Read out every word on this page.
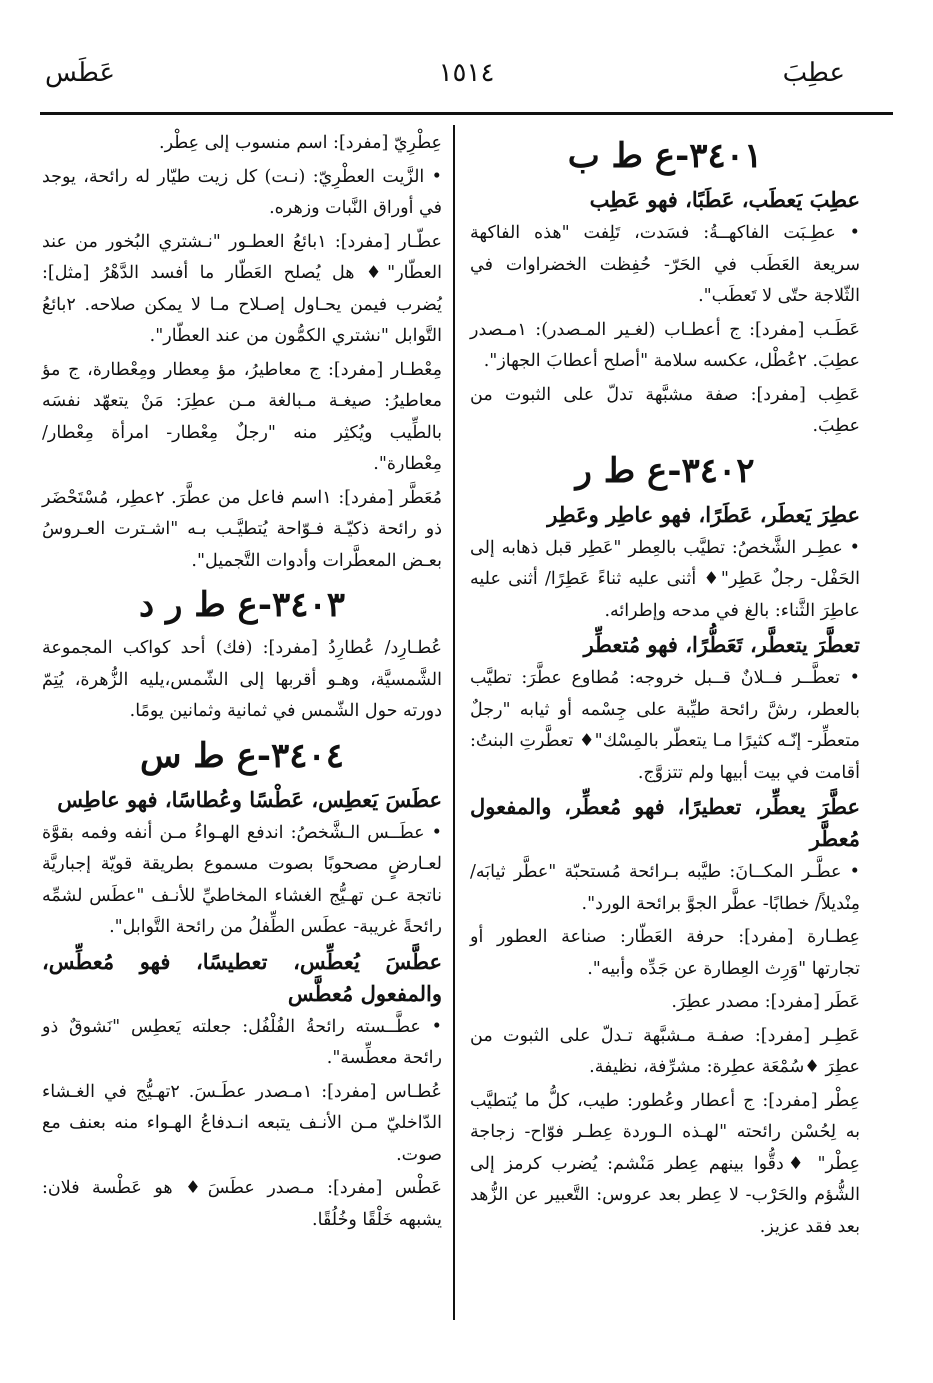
عطِبَ
١٥١٤
عَطَس
٣٤٠١-ع ط ب

عطِبَ يَعطَب، عَطَبًا، فهو عَطِب

• عطِـبَت الفاكهــةُ: فسَدت، تَلِفت "هذه الفاكهة سريعة العَطَب في الحَرّ- حُفِظت الخضراوات في الثّلاجة حتّى لا تَعطَب".

عَطَـب [مفرد]: ج أعطـاب (لغـير المـصدر): ١مـصدر عطِبَ. ٢عُطْل، عكسه سلامة "أصلح أعطابَ الجهاز".

عَطِب [مفرد]: صفة مشبَّهة تدلّ على الثبوت من عطِبَ.

٣٤٠٢-ع ط ر

عطِرَ يَعطَر، عَطَرًا، فهو عاطِر وعَطِر

• عطِـر الشَّخصُ: تطيَّب بالعِطر "عَطِر قبل ذهابه إلى الحَفْل- رجلٌ عَطِر"♦ أثنى عليه ثناءً عَطِرًا/ أثنى عليه عاطِرَ الثَّناء: بالغ في مدحه وإطرائه.

تعطَّرَ يتعطَّر، تَعَطُّرًا، فهو مُتعطِّر

• تعطَّــر فــلانٌ قــبل خروجه: مُطاوع عطَّرَ: تطيَّب بالعطر، رشَّ رائحة طيِّبة على جِسْمه أو ثيابه "رجلٌ متعطِّر- إنّـه كثيرًا مـا يتعطّر بالمِسْك"♦ تعطَّرتِ البنتُ: أقامت في بيت أبيها ولم تتزوَّج.

عطَّرَ يعطِّر، تعطيرًا، فهو مُعطِّر، والمفعول مُعطَّر

• عطَّـر المكــانَ: طيَّبه بـرائحة مُستحبّة "عطَّر ثيابَه/ مِنْديلاً/ خطابًا- عطَّر الجوَّ برائحة الورد".

عِطـارة [مفرد]: حرفة العَطّار: صناعة العطور أو تجارتها "وَرِث العِطارة عن جَدِّه وأبيه".

عَطَر [مفرد]: مصدر عطِرَ.

عَطِـر [مفرد]: صفـة مـشبَّهة تـدلّ على الثبوت من عطِرَ ♦سُمْعَة عطِرة: مشرِّفة، نظيفة.

عِطْر [مفرد]: ج أعطار وعُطور: طيب، كلُّ ما يُتطيَّب به لِحُسْن رائحته "لهـذه الـوردة عِطـر فوّاح- زجاجة عِطْر" ♦دقُّوا بينهم عِطر مَنْشم: يُضرب كرمز إلى الشُّؤم والحَرْب- لا عِطر بعد عروس: التَّعبير عن الزُّهد بعد فقد عزيز.

عِطْرِيّ [مفرد]: اسم منسوب إلى عِطْر.

• الزَّيت العطْرِيّ: (نـت) كل زيت طيّار له رائحة، يوجد في أوراق النَّبات وزهره.

عطّـار [مفرد]: ١بائعُ العطـور "نـشتري البُخور من عند العطّار"♦ هل يُصلح العَطّار ما أفسد الدَّهْرُ [مثل]: يُضرب فيمن يحـاول إصـلاح مـا لا يمكن صلاحه. ٢بائعُ التَّوابل "نشتري الكمُّون من عند العطّار".

مِعْطـار [مفرد]: ج معاطيرُ، مؤ مِعطار ومِعْطارة، ج مؤ معاطيرُ: صيغـة مـبالغة مـن عطِرَ: مَنْ يتعهّد نفسَه بالطِّيب ويُكثِر منه "رجلٌ مِعْطار- امرأة مِعْطار/ مِعْطارة".

مُعَطَّر [مفرد]: ١اسم فاعل من عطَّرَ. ٢عطِر، مُسْتَحْضَر ذو رائحة ذكيّـة فـوّاحة يُتطيَّـب بـه "اشـترت العـروسُ بعـض المعطَّرات وأدوات التَّجميل".

٣٤٠٣-ع ط ر د

عُطـارِد/ عُطارِدُ [مفرد]: (فك) أحد كواكب المجموعة الشَّمسيَّة، وهـو أقربها إلى الشّمس،يليه الزُّهرة، يُتِمّ دورته حول الشّمس في ثمانية وثمانين يومًا.

٣٤٠٤-ع ط س

عطَسَ يَعطِس، عَطْسًا وعُطاسًا، فهو عاطِس

• عطَــس الـشَّخصُ: اندفع الهـواءُ مـن أنفه وفمه بقوَّة لعـارضٍ مصحوبًا بصوت مسموع بطريقة قويّة إجباريَّة ناتجة عـن تهـيُّج الغشاء المخاطيِّ للأنـف "عطَس لشمِّه رائحةً غريبة- عطَس الطِّفلُ من رائحة التَّوابل".

عطَّسَ يُعطِّس، تعطيسًا، فهو مُعطِّس، والمفعول مُعطَّس

• عطَّــسته رائحةُ الفُلْفُل: جعلته يَعطِس "نَشوقٌ ذو رائحة معطِّسة".

عُطـاس [مفرد]: ١مـصدر عطَـسَ. ٢تهـيُّج في الغـشاء الدّاخليّ مـن الأنـف يتبعه انـدفاعُ الهـواء منه بعنف مع صوت.

عَطْس [مفرد]: مـصدر عطَسَ♦ هو عَطْسة فلان: يشبهه خَلْقًا وخُلُقًا.
